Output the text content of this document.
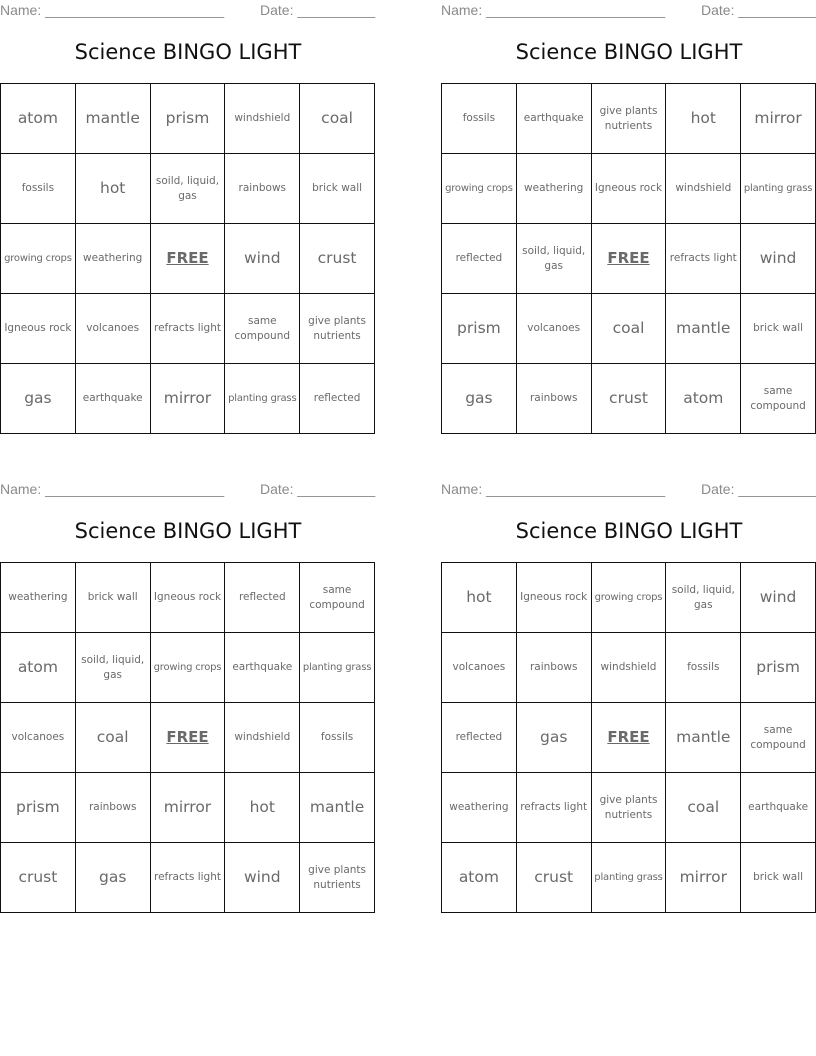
Name: _______________________	Date: __________
Science BINGO LIGHT
atom	mantle	prism	windshield	coal
fossils	hot	soild, liquid, gas	rainbows	brick wall
growing crops	weathering	FREE	wind	crust
Igneous rock	volcanoes	refracts light	same compound	give plants nutrients
gas	earthquake	mirror	planting grass	reflected
Name: _______________________	Date: __________
Science BINGO LIGHT
fossils	earthquake	give plants nutrients	hot	mirror
growing crops	weathering	Igneous rock	windshield	planting grass
reflected	soild, liquid, gas	FREE	refracts light	wind
prism	volcanoes	coal	mantle	brick wall
gas	rainbows	crust	atom	same compound
Name: _______________________	Date: __________
Science BINGO LIGHT
weathering	brick wall	Igneous rock	reflected	same compound
atom	soild, liquid, gas	growing crops	earthquake	planting grass
volcanoes	coal	FREE	windshield	fossils
prism	rainbows	mirror	hot	mantle
crust	gas	refracts light	wind	give plants nutrients
Name: _______________________	Date: __________
Science BINGO LIGHT
hot	Igneous rock	growing crops	soild, liquid, gas	wind
volcanoes	rainbows	windshield	fossils	prism
reflected	gas	FREE	mantle	same compound
weathering	refracts light	give plants nutrients	coal	earthquake
atom	crust	planting grass	mirror	brick wall
